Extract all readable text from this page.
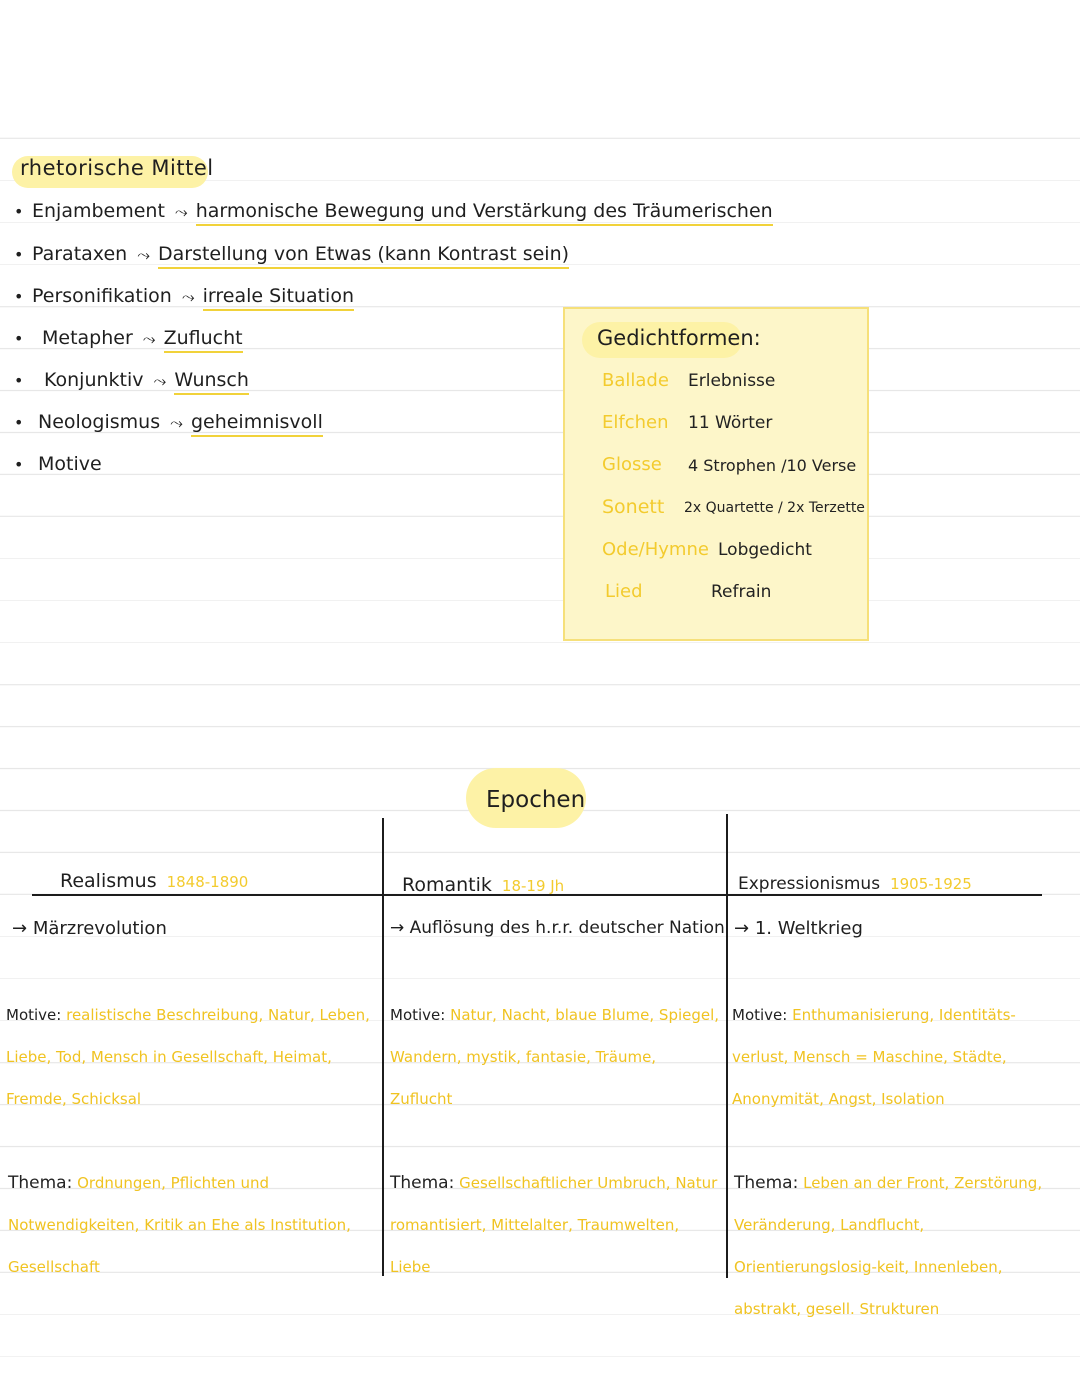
rhetorische Mittel
• Enjambement ⤳ harmonische Bewegung und Verstärkung des Träumerischen
• Parataxen ⤳ Darstellung von Etwas (kann Kontrast sein)
• Personifikation ⤳ irreale Situation
• Metapher ⤳ Zuflucht
•	Konjunktiv ⤳ Wunsch
• Neologismus ⤳ geheimnisvoll
• Motive
Gedichtformen:
Ballade Erlebnisse
Elfchen 11 Wörter
Glosse 4 Strophen /10 Verse
Sonett 2x Quartette / 2x Terzette
Ode/Hymne Lobgedicht
Lied	Refrain
Epochen
Realismus 1848-1890
→ Märzrevolution
Motive: realistische Beschreibung, Natur, Leben, Liebe, Tod, Mensch in Gesellschaft, Heimat, Fremde, Schicksal
Thema: Ordnungen, Pflichten und Notwendigkeiten, Kritik an Ehe als Institution, Gesellschaft
Romantik 18-19 Jh
→ Auflösung des h.r.r. deutscher Nation
Motive: Natur, Nacht, blaue Blume, Spiegel, Wandern, mystik, fantasie, Träume, Zuflucht
Thema: Gesellschaftlicher Umbruch, Natur romantisiert, Mittelalter, Traumwelten, Liebe
Expressionismus 1905-1925
→ 1. Weltkrieg
Motive: Enthumanisierung, Identitäts-verlust, Mensch = Maschine, Städte, Anonymität, Angst, Isolation
Thema: Leben an der Front, Zerstörung, Veränderung, Landflucht, Orientierungslosig-keit, Innenleben, abstrakt, gesell. Strukturen
